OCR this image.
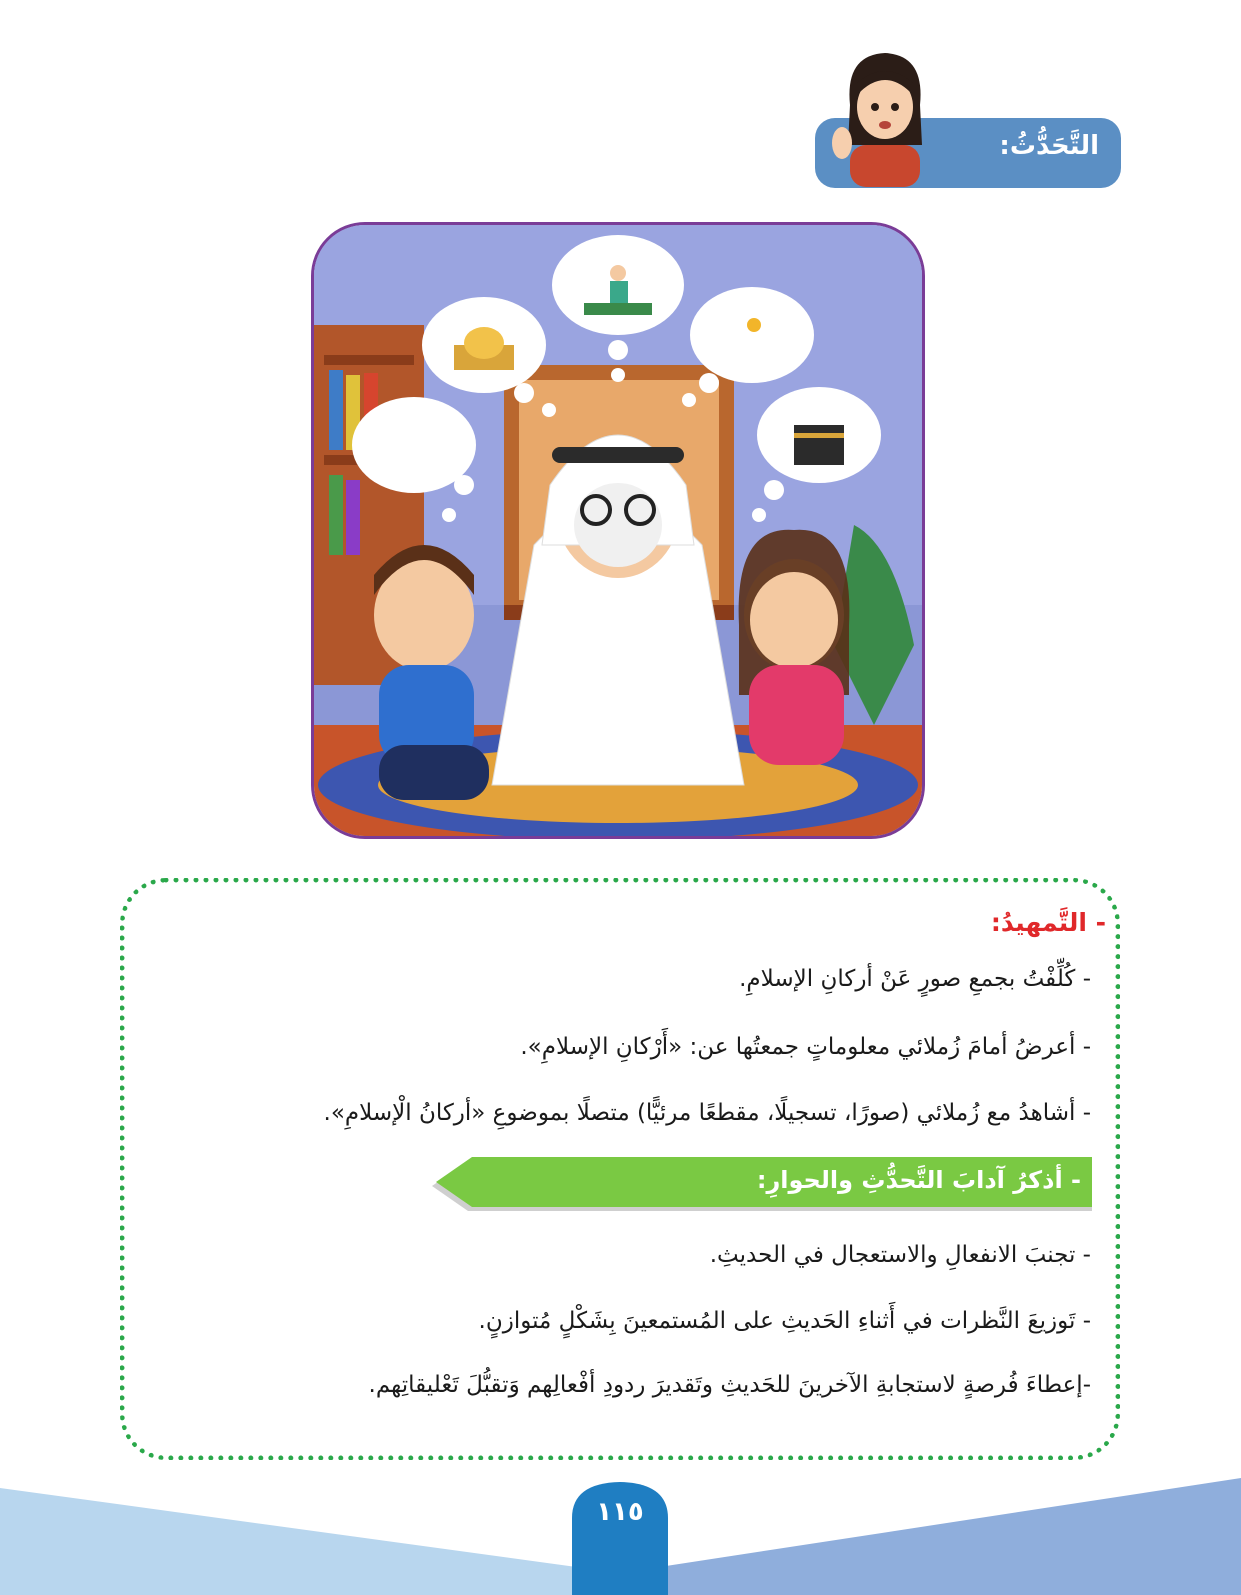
التَّحَدُّثُ:
- التَّمهيدُ:
- كُلِّفْتُ بجمعِ صورٍ عَنْ أركانِ الإسلامِ.
- أعرضُ أمامَ زُملائي معلوماتٍ جمعتُها عن: «أَرْكانِ الإسلامِ».
- أشاهدُ مع زُملائي (صورًا، تسجيلًا، مقطعًا مرئيًّا) متصلًا بموضوعِ «أركانُ الْإسلامِ».
- أذكرُ آدابَ التَّحدُّثِ والحوارِ:
- تجنبَ الانفعالِ والاستعجال في الحديثِ.
- تَوزيعَ النَّظرات في أَثناءِ الحَديثِ على المُستمعينَ بِشَكْلٍ مُتوازنٍ.
-إعطاءَ فُرصةٍ لاستجابةِ الآخرينَ للحَديثِ وتَقديرَ ردودِ أفْعالِهم وَتقبُّلَ تَعْليقاتِهم.
١١٥
